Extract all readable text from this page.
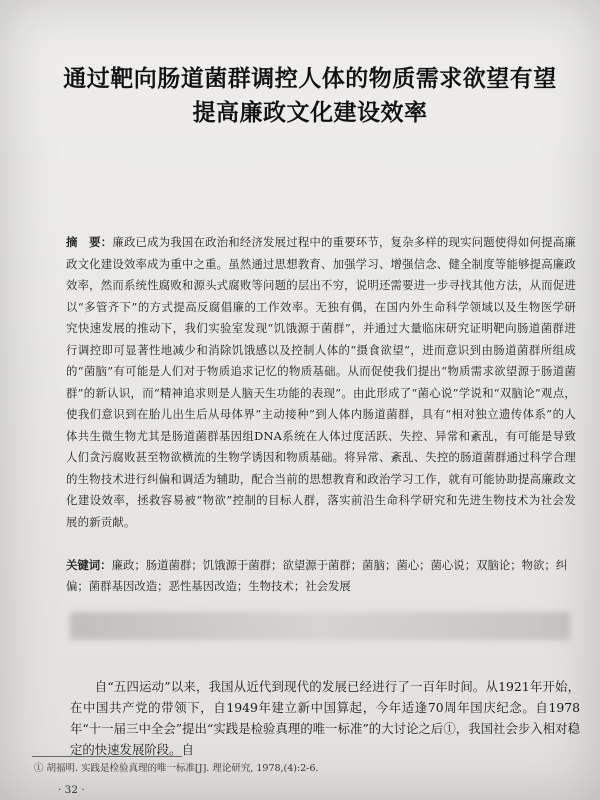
通过靶向肠道菌群调控人体的物质需求欲望有望
提高廉政文化建设效率
摘　要：廉政已成为我国在政治和经济发展过程中的重要环节，复杂多样的现实问题使得如何提高廉政文化建设效率成为重中之重。虽然通过思想教育、加强学习、增强信念、健全制度等能够提高廉政效率，然而系统性腐败和源头式腐败等问题的层出不穷，说明还需要进一步寻找其他方法，从而促进以“多管齐下”的方式提高反腐倡廉的工作效率。无独有偶，在国内外生命科学领域以及生物医学研究快速发展的推动下，我们实验室发现“饥饿源于菌群”，并通过大量临床研究证明靶向肠道菌群进行调控即可显著性地减少和消除饥饿感以及控制人体的“摄食欲望”，进而意识到由肠道菌群所组成的“菌脑”有可能是人们对于物质追求记忆的物质基础。从而促使我们提出“物质需求欲望源于肠道菌群”的新认识，而“精神追求则是人脑天生功能的表现”。由此形成了“菌心说”学说和“双脑论”观点，使我们意识到在胎儿出生后从母体界“主动接种”到人体内肠道菌群，具有“相对独立遗传体系”的人体共生微生物尤其是肠道菌群基因组DNA系统在人体过度活跃、失控、异常和紊乱，有可能是导致人们贪污腐败甚至物欲横流的生物学诱因和物质基础。将异常、紊乱、失控的肠道菌群通过科学合理的生物技术进行纠偏和调适为辅助，配合当前的思想教育和政治学习工作，就有可能协助提高廉政文化建设效率，拯救容易被“物欲”控制的目标人群，落实前沿生命科学研究和先进生物技术为社会发展的新贡献。
关键词：廉政；肠道菌群；饥饿源于菌群；欲望源于菌群；菌脑；菌心；菌心说；双脑论；物欲；纠偏；菌群基因改造；恶性基因改造；生物技术；社会发展
自“五四运动”以来，我国从近代到现代的发展已经进行了一百年时间。从1921年开始，在中国共产党的带领下，自1949年建立新中国算起，今年适逢70周年国庆纪念。自1978年“十一届三中全会”提出“实践是检验真理的唯一标准”的大讨论之后①，我国社会步入相对稳定的快速发展阶段。自
① 胡福明. 实践是检验真理的唯一标准[J]. 理论研究, 1978,(4):2-6.
· 32 ·
